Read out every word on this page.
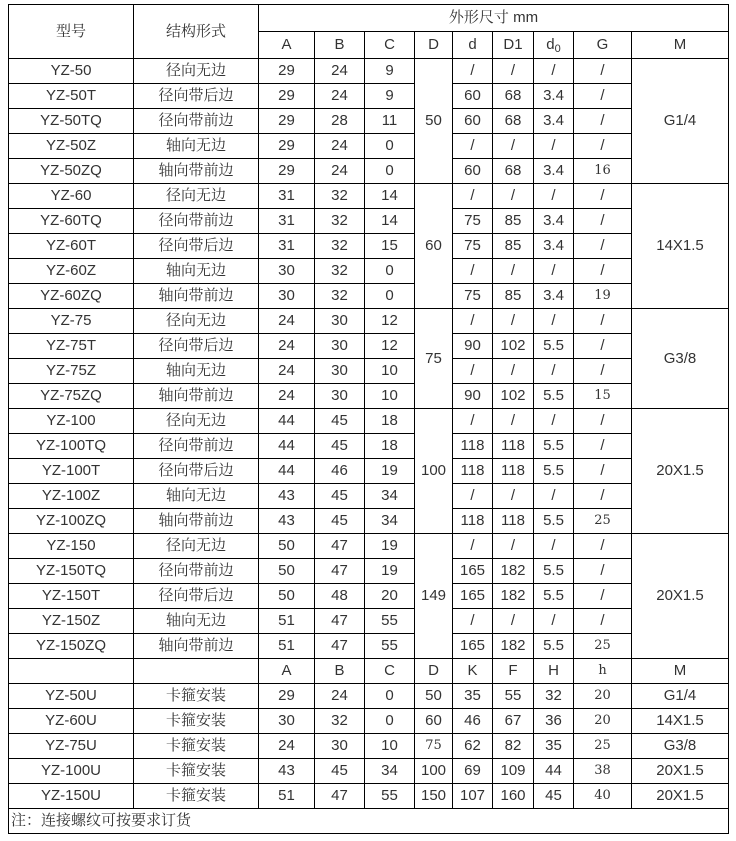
型号	结构形式	外形尺寸 mm								
		A	B	C	D	d	D1	$d_0$	G	M
YZ-50	径向无边	29	24	9	50	/	/	/	/	G1/4
YZ-50T	径向带后边	29	24	9		60	68	3.4	/	
YZ-50TQ	径向带前边	29	28	11		60	68	3.4	/	
YZ-50Z	轴向无边	29	24	0		/	/	/	/	
YZ-50ZQ	轴向带前边	29	24	0		60	68	3.4	16	
YZ-60	径向无边	31	32	14	60	/	/	/	/	14X1.5
YZ-60TQ	径向带前边	31	32	14		75	85	3.4	/	
YZ-60T	径向带后边	31	32	15		75	85	3.4	/	
YZ-60Z	轴向无边	30	32	0		/	/	/	/	
YZ-60ZQ	轴向带前边	30	32	0		75	85	3.4	19	
YZ-75	径向无边	24	30	12	75	/	/	/	/	G3/8
YZ-75T	径向带后边	24	30	12		90	102	5.5	/	
YZ-75Z	轴向无边	24	30	10		/	/	/	/	
YZ-75ZQ	轴向带前边	24	30	10		90	102	5.5	15	
YZ-100	径向无边	44	45	18	100	/	/	/	/	20X1.5
YZ-100TQ	径向带前边	44	45	18		118	118	5.5	/	
YZ-100T	径向带后边	44	46	19		118	118	5.5	/	
YZ-100Z	轴向无边	43	45	34		/	/	/	/	
YZ-100ZQ	轴向带前边	43	45	34		118	118	5.5	25	
YZ-150	径向无边	50	47	19	149	/	/	/	/	20X1.5
YZ-150TQ	径向带前边	50	47	19		165	182	5.5	/	
YZ-150T	径向带后边	50	48	20		165	182	5.5	/	
YZ-150Z	轴向无边	51	47	55		/	/	/	/	
YZ-150ZQ	轴向带前边	51	47	55		165	182	5.5	25	
		A	B	C	D	K	F	H	h	M
YZ-50U	卡箍安装	29	24	0	50	35	55	32	20	G1/4
YZ-60U	卡箍安装	30	32	0	60	46	67	36	20	14X1.5
YZ-75U	卡箍安装	24	30	10	75	62	82	35	25	G3/8
YZ-100U	卡箍安装	43	45	34	100	69	109	44	38	20X1.5
YZ-150U	卡箍安装	51	47	55	150	107	160	45	40	20X1.5
注：连接螺纹可按要求订货										
